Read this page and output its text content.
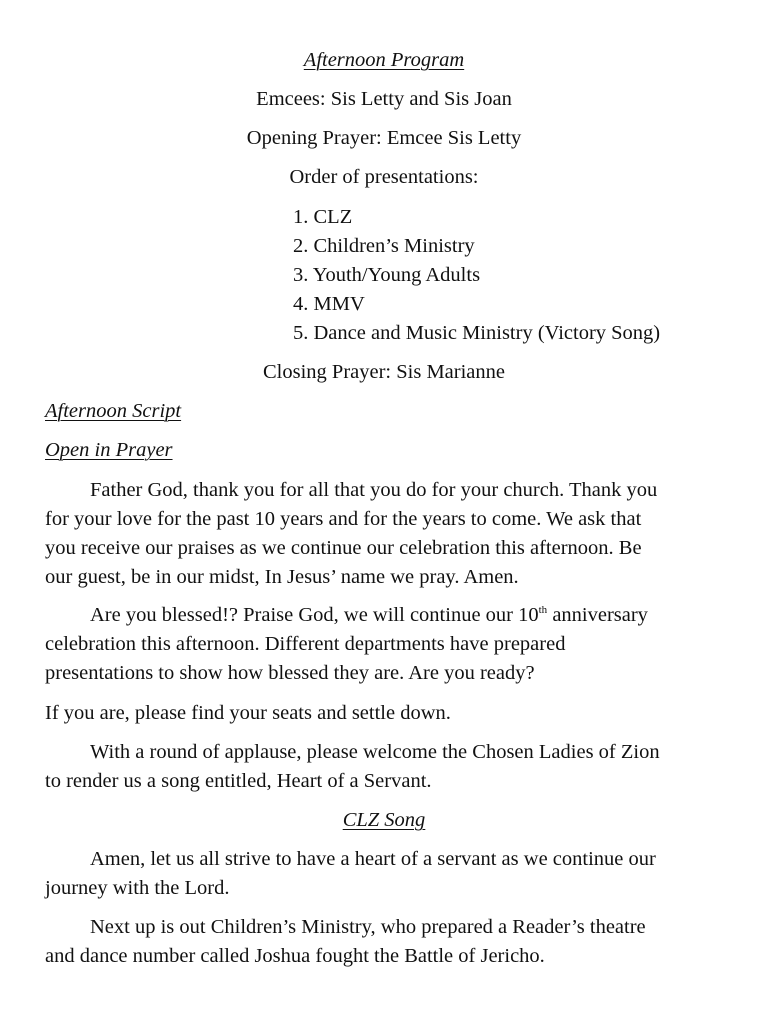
Afternoon Program
Emcees: Sis Letty and Sis Joan
Opening Prayer: Emcee Sis Letty
Order of presentations:
1. CLZ
2. Children’s Ministry
3. Youth/Young Adults
4. MMV
5. Dance and Music Ministry (Victory Song)
Closing Prayer: Sis Marianne
Afternoon Script
Open in Prayer
Father God, thank you for all that you do for your church. Thank you
for your love for the past 10 years and for the years to come. We ask that
you receive our praises as we continue our celebration this afternoon. Be
our guest, be in our midst, In Jesus’ name we pray. Amen.
Are you blessed!? Praise God, we will continue our 10th anniversary
celebration this afternoon. Different departments have prepared
presentations to show how blessed they are. Are you ready?
If you are, please find your seats and settle down.
With a round of applause, please welcome the Chosen Ladies of Zion
to render us a song entitled, Heart of a Servant.
CLZ Song
Amen, let us all strive to have a heart of a servant as we continue our
journey with the Lord.
Next up is out Children’s Ministry, who prepared a Reader’s theatre
and dance number called Joshua fought the Battle of Jericho.
